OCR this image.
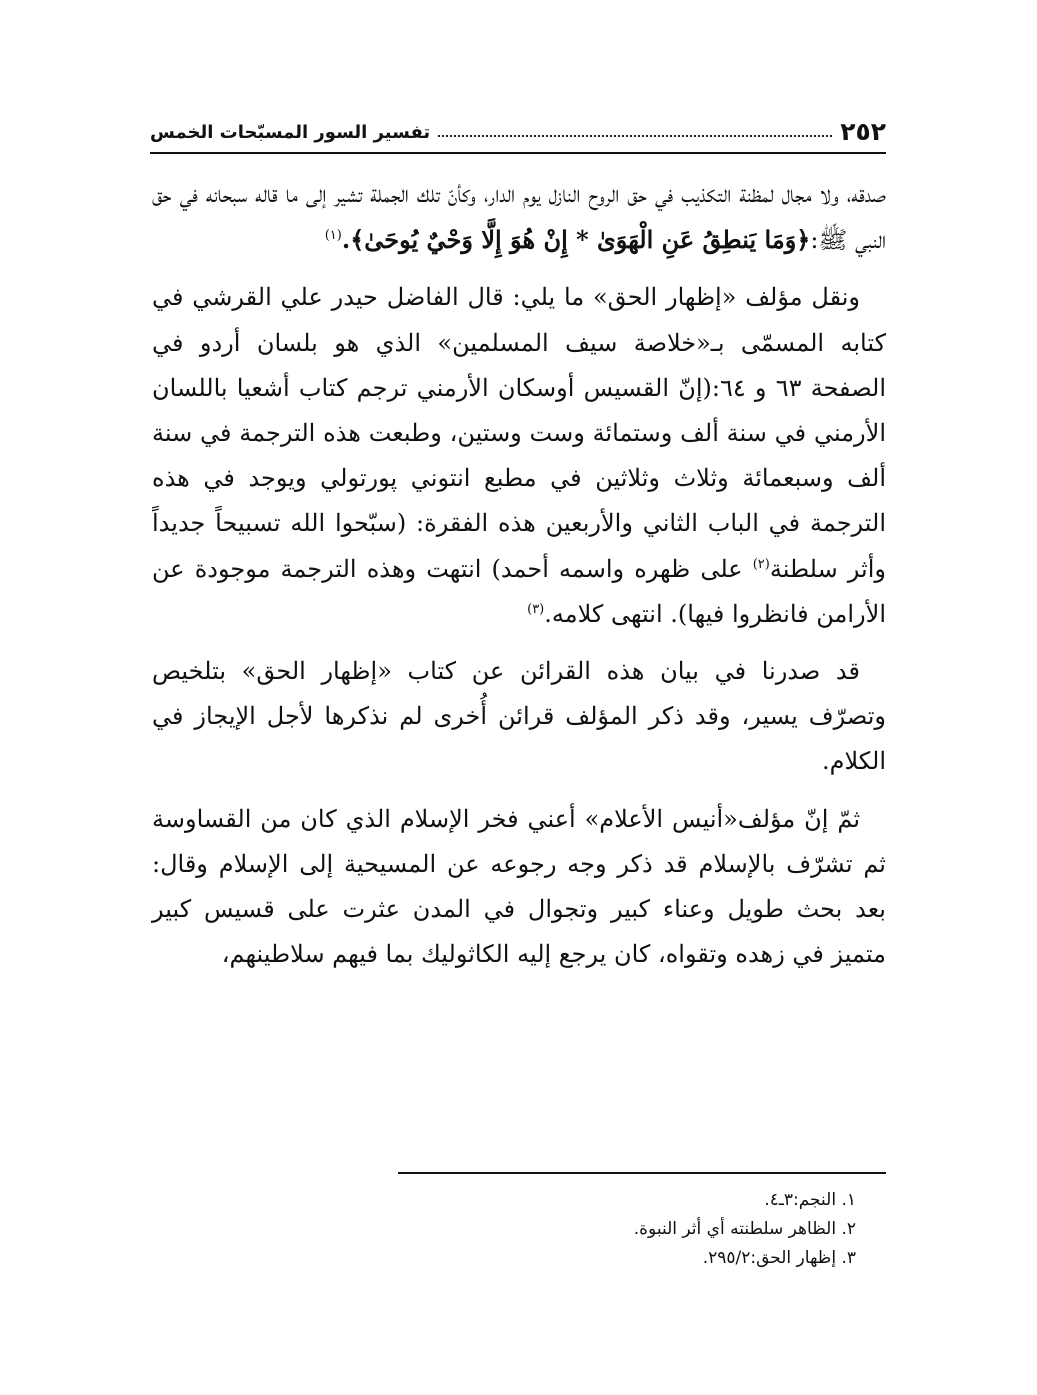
٢٥٢
تفسير السور المسبّحات الخمس

صدقه، ولا مجال لمظنة التكذيب في حق الروح النازل يوم الدار، وكأنّ تلك الجملة تشير إلى ما قاله سبحانه في حق النبي ﷺ:﴿وَمَا يَنطِقُ عَنِ الْهَوَىٰ * إِنْ هُوَ إِلَّا وَحْيٌ يُوحَىٰ﴾.$^{(١)}$

ونقل مؤلف «إظهار الحق» ما يلي: قال الفاضل حيدر علي القرشي في كتابه المسمّى بـ«خلاصة سيف المسلمين» الذي هو بلسان أردو في الصفحة ٦٣ و ٦٤:(إنّ القسيس أوسكان الأرمني ترجم كتاب أشعيا باللسان الأرمني في سنة ألف وستمائة وست وستين، وطبعت هذه الترجمة في سنة ألف وسبعمائة وثلاث وثلاثين في مطبع انتوني پورتولي ويوجد في هذه الترجمة في الباب الثاني والأربعين هذه الفقرة: (سبّحوا الله تسبيحاً جديداً وأثر سلطنة$^{(٢)}$ على ظهره واسمه أحمد) انتهت وهذه الترجمة موجودة عن الأرامن فانظروا فيها). انتهى كلامه.$^{(٣)}$

قد صدرنا في بيان هذه القرائن عن كتاب «إظهار الحق» بتلخيص وتصرّف يسير، وقد ذكر المؤلف قرائن أُخرى لم نذكرها لأجل الإيجاز في الكلام.

ثمّ إنّ مؤلف«أنيس الأعلام» أعني فخر الإسلام الذي كان من القساوسة ثم تشرّف بالإسلام قد ذكر وجه رجوعه عن المسيحية إلى الإسلام وقال: بعد بحث طويل وعناء كبير وتجوال في المدن عثرت على قسيس كبير متميز في زهده وتقواه، كان يرجع إليه الكاثوليك بما فيهم سلاطينهم،

١. النجم:٣ـ٤.

٢. الظاهر سلطنته أي أثر النبوة.

٣. إظهار الحق:٢٩٥/٢.
